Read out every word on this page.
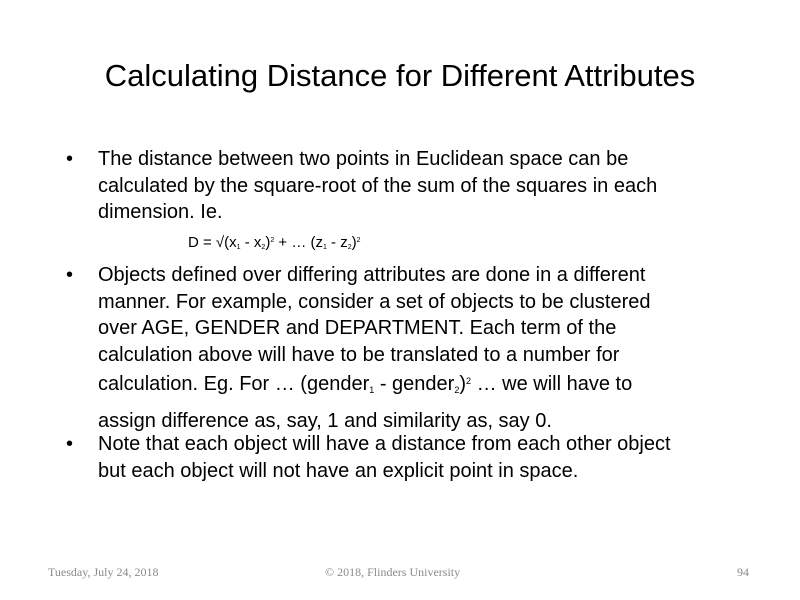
Calculating Distance for Different Attributes
• The distance between two points in Euclidean space can be
calculated by the square-root of the sum of the squares in each
dimension. Ie.
D = √(x1 - x2)$^2$ + … (z1 - z2)$^2$
• Objects defined over differing attributes are done in a different
manner. For example, consider a set of objects to be clustered
over AGE, GENDER and DEPARTMENT. Each term of the
calculation above will have to be translated to a number for
calculation. Eg. For … (gender$_1$ - gender$_2$)$^2$ … we will have to
assign difference as, say, 1 and similarity as, say 0.
• Note that each object will have a distance from each other object
but each object will not have an explicit point in space.
Tuesday, July 24, 2018	© 2018, Flinders University	94
